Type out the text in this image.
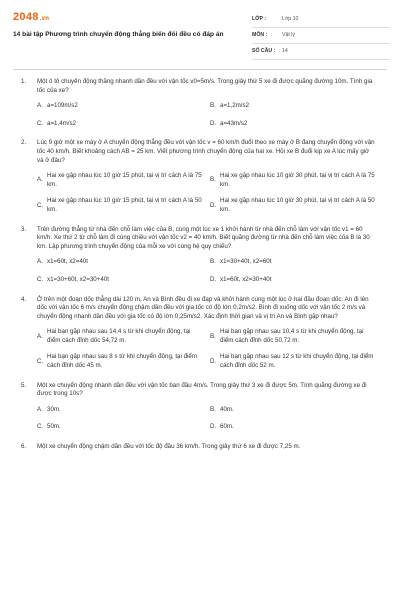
2048.vn
14 bài tập Phương trình chuyển động thẳng biến đổi đều có đáp án
LỚP :	Lớp 10
MÔN :	Vật lý
SỐ CÂU : 14
1. Một ô tô chuyển động thẳng nhanh dần đều với vận tốc v0=5m/s. Trong giây thứ 5 xe đi được quãng đường 10m. Tính gia tốc của xe?
A. a=109m/s2	B. a=1,2m/s2
C. a=1,4m/s2	D. a=43m/s2
2. Lúc 9 giờ một xe máy ở A chuyển động thẳng đều với vận tốc v = 60 km/h đuổi theo xe máy ở B đang chuyển động với vận tốc 40 km/h. Biết khoảng cách AB = 25 km. Viết phương trình chuyển động của hai xe. Hỏi xe B đuổi kịp xe A lúc mấy giờ và ở đâu?
A.
Hai xe gặp nhau lúc 10 giờ 15 phút, tại vị trí cách A là 75 km.
B.
Hai xe gặp nhau lúc 10 giờ 30 phút, tại vị trí cách A là 75 km.
C.
Hai xe gặp nhau lúc 10 giờ 15 phút, tại vị trí cách A là 50 km.
D.
Hai xe gặp nhau lúc 10 giờ 30 phút, tại vị trí cách A là 50 km.
3. Trên đường thẳng từ nhà đến chỗ làm việc của B, cùng một lúc xe 1 khởi hành từ nhà đến chỗ làm với vận tốc v1 = 60 km/h. Xe thứ 2 từ chỗ làm đi cùng chiều với vận tốc v2 = 40 km/h. Biết quãng đường từ nhà đến chỗ làm việc của B là 30 km. Lập phương trình chuyển động của mỗi xe với cùng hệ quy chiếu?
A. x1=60t, x2=40t	B. x1=30+40t, x2=60t
C. x1=30+60t, x2=30+40t	D. x1=60t, x2=30+40t
4. Ở trên một đoạn dốc thẳng dài 120 m, An và Bình đều đi xe đạp và khởi hành cùng một lúc ở hai đầu đoạn dốc. An đi lên dốc với vận tốc 6 m/s chuyển động chậm dần đều với gia tốc có độ lớn 0,2m/s2. Bình đi xuống dốc với vận tốc 2 m/s và chuyển động nhanh dần đều với gia tốc có độ lớn 0,25m/s2. Xác định thời gian và vị trí An và Bình gặp nhau?
A.
Hai bạn gặp nhau sau 14,4 s từ khi chuyển động, tại điểm cách đỉnh dốc 54,72 m.
B.
Hai bạn gặp nhau sau 10,4 s từ khi chuyển động, tại điểm cách đỉnh dốc 50,72 m.
C.
Hai bạn gặp nhau sau 8 s từ khi chuyển động, tại điểm cách đỉnh dốc 45 m.
D.
Hai bạn gặp nhau sau 12 s từ khi chuyển động, tại điểm cách đỉnh dốc 52 m.
5. Một xe chuyển động nhanh dần đều với vận tốc ban đầu 4m/s. Trong giây thứ 3 xe đi được 5m. Tính quãng đường xe đi được trong 10s?
A. 30m.	B. 40m.
C. 50m.	D. 60m.
6. Một xe chuyển động chậm dần đều với tốc độ đầu 36 km/h. Trong giây thứ 6 xe đi được 7,25 m.
